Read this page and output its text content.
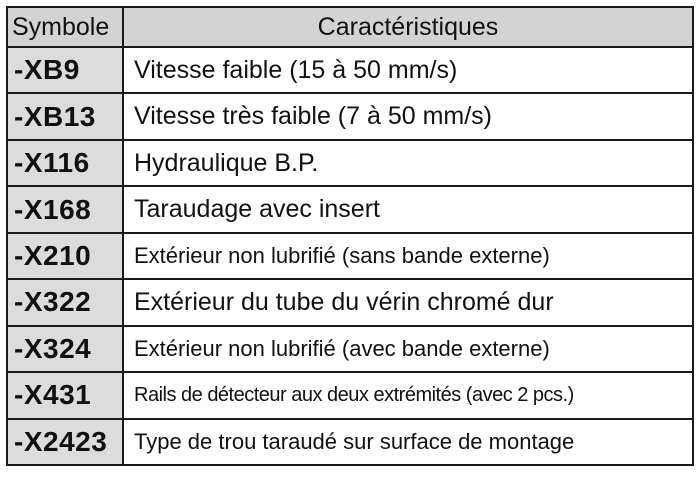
Symbole	Caractéristiques
-XB9	Vitesse faible (15 à 50 mm/s)
-XB13	Vitesse très faible (7 à 50 mm/s)
-X116	Hydraulique B.P.
-X168	Taraudage avec insert
-X210	Extérieur non lubrifié (sans bande externe)
-X322	Extérieur du tube du vérin chromé dur
-X324	Extérieur non lubrifié (avec bande externe)
-X431	Rails de détecteur aux deux extrémités (avec 2 pcs.)
-X2423	Type de trou taraudé sur surface de montage
